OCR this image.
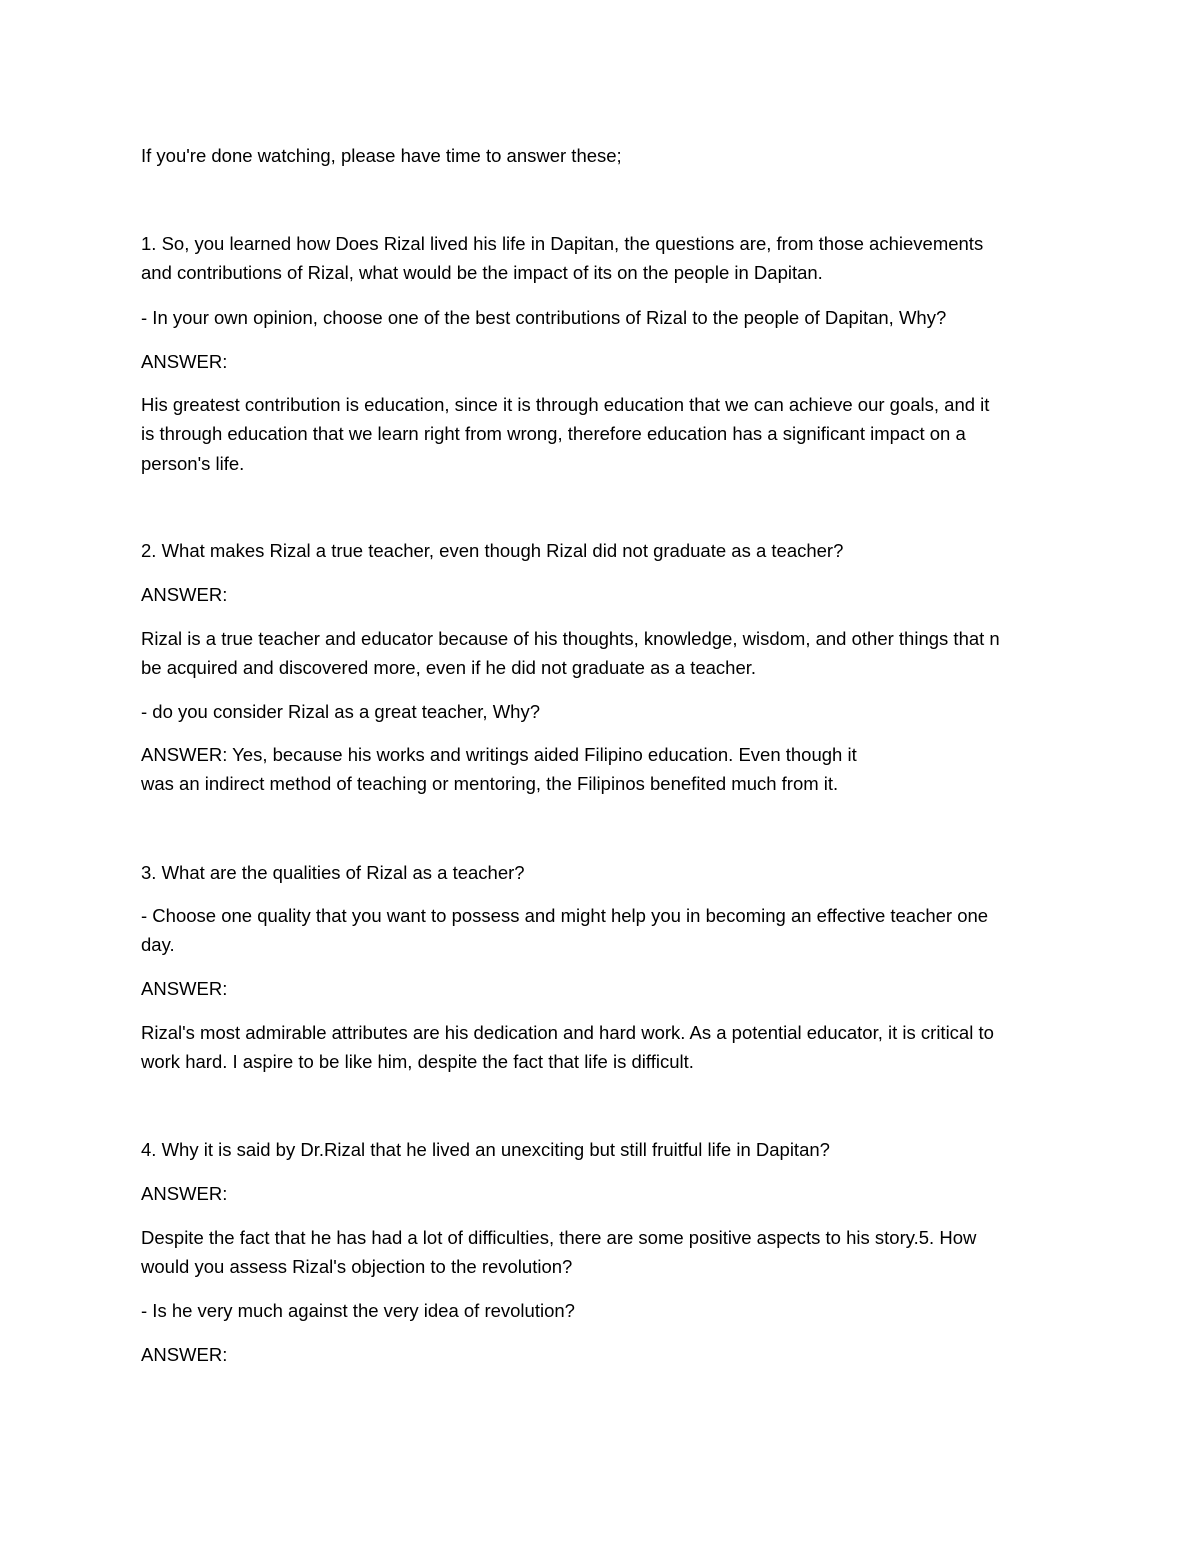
If you're done watching, please have time to answer these;

1. So, you learned how Does Rizal lived his life in Dapitan, the questions are, from those achievements

and contributions of Rizal, what would be the impact of its on the people in Dapitan.

- In your own opinion, choose one of the best contributions of Rizal to the people of Dapitan, Why?

ANSWER:

His greatest contribution is education, since it is through education that we can achieve our goals, and it

is through education that we learn right from wrong, therefore education has a significant impact on a

person's life.

2. What makes Rizal a true teacher, even though Rizal did not graduate as a teacher?

ANSWER:

Rizal is a true teacher and educator because of his thoughts, knowledge, wisdom, and other things that n

be acquired and discovered more, even if he did not graduate as a teacher.

- do you consider Rizal as a great teacher, Why?

ANSWER: Yes, because his works and writings aided Filipino education. Even though it

was an indirect method of teaching or mentoring, the Filipinos benefited much from it.

3. What are the qualities of Rizal as a teacher?

- Choose one quality that you want to possess and might help you in becoming an effective teacher one

day.

ANSWER:

Rizal's most admirable attributes are his dedication and hard work. As a potential educator, it is critical to

work hard. I aspire to be like him, despite the fact that life is difficult.

4. Why it is said by Dr.Rizal that he lived an unexciting but still fruitful life in Dapitan?

ANSWER:

Despite the fact that he has had a lot of difficulties, there are some positive aspects to his story.5. How

would you assess Rizal's objection to the revolution?

- Is he very much against the very idea of revolution?

ANSWER:
